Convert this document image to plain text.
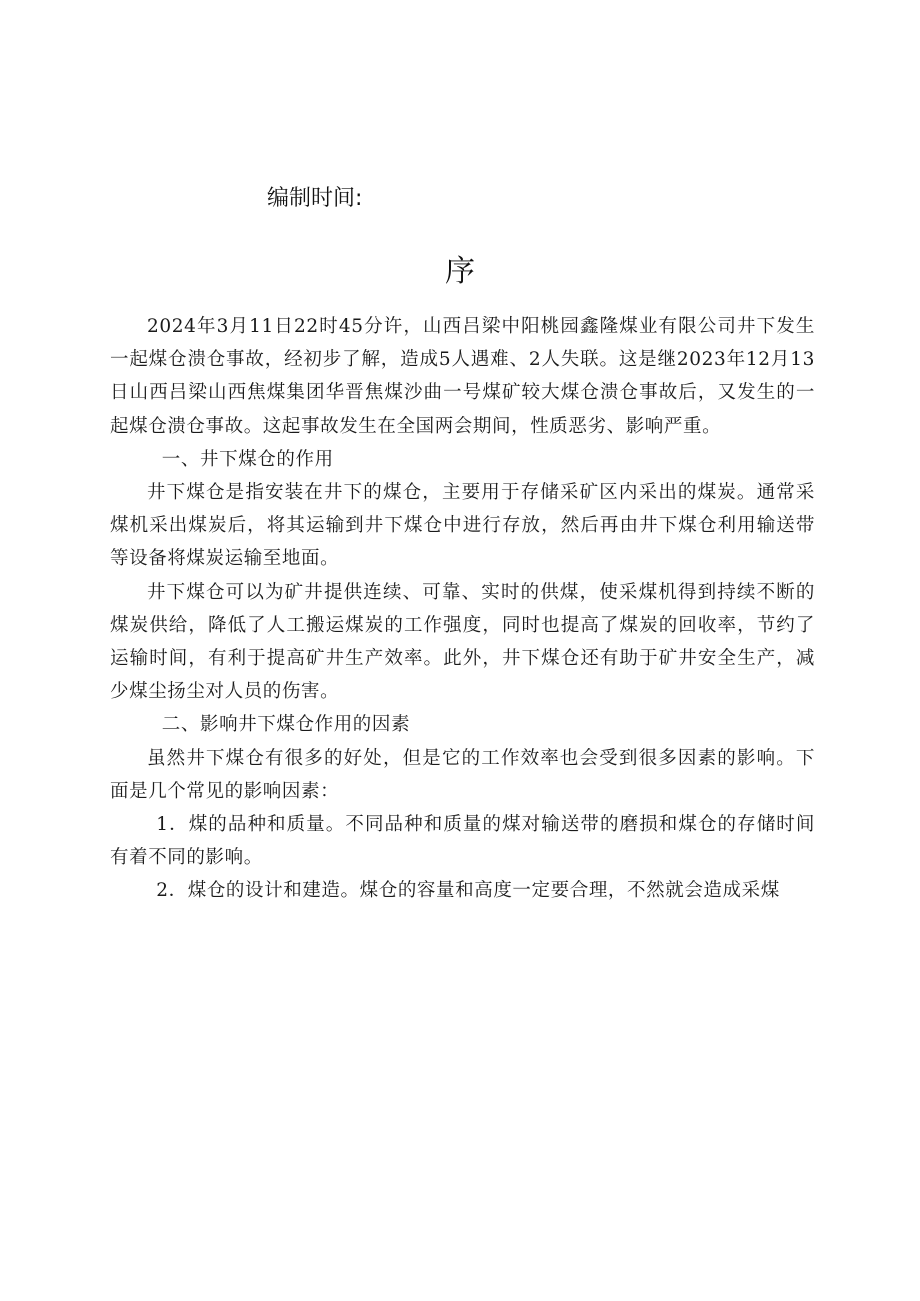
编制时间:
序

2024年3月11日22时45分许，山西吕梁中阳桃园鑫隆煤业有限公司井下发生一起煤仓溃仓事故，经初步了解，造成5人遇难、2人失联。这是继2023年12月13日山西吕梁山西焦煤集团华晋焦煤沙曲一号煤矿较大煤仓溃仓事故后，又发生的一起煤仓溃仓事故。这起事故发生在全国两会期间，性质恶劣、影响严重。

一、井下煤仓的作用

井下煤仓是指安装在井下的煤仓，主要用于存储采矿区内采出的煤炭。通常采煤机采出煤炭后，将其运输到井下煤仓中进行存放，然后再由井下煤仓利用输送带等设备将煤炭运输至地面。

井下煤仓可以为矿井提供连续、可靠、实时的供煤，使采煤机得到持续不断的煤炭供给，降低了人工搬运煤炭的工作强度，同时也提高了煤炭的回收率，节约了运输时间，有利于提高矿井生产效率。此外，井下煤仓还有助于矿井安全生产，减少煤尘扬尘对人员的伤害。

二、影响井下煤仓作用的因素

虽然井下煤仓有很多的好处，但是它的工作效率也会受到很多因素的影响。下面是几个常见的影响因素：

1．煤的品种和质量。不同品种和质量的煤对输送带的磨损和煤仓的存储时间有着不同的影响。

2．煤仓的设计和建造。煤仓的容量和高度一定要合理，不然就会造成采煤
